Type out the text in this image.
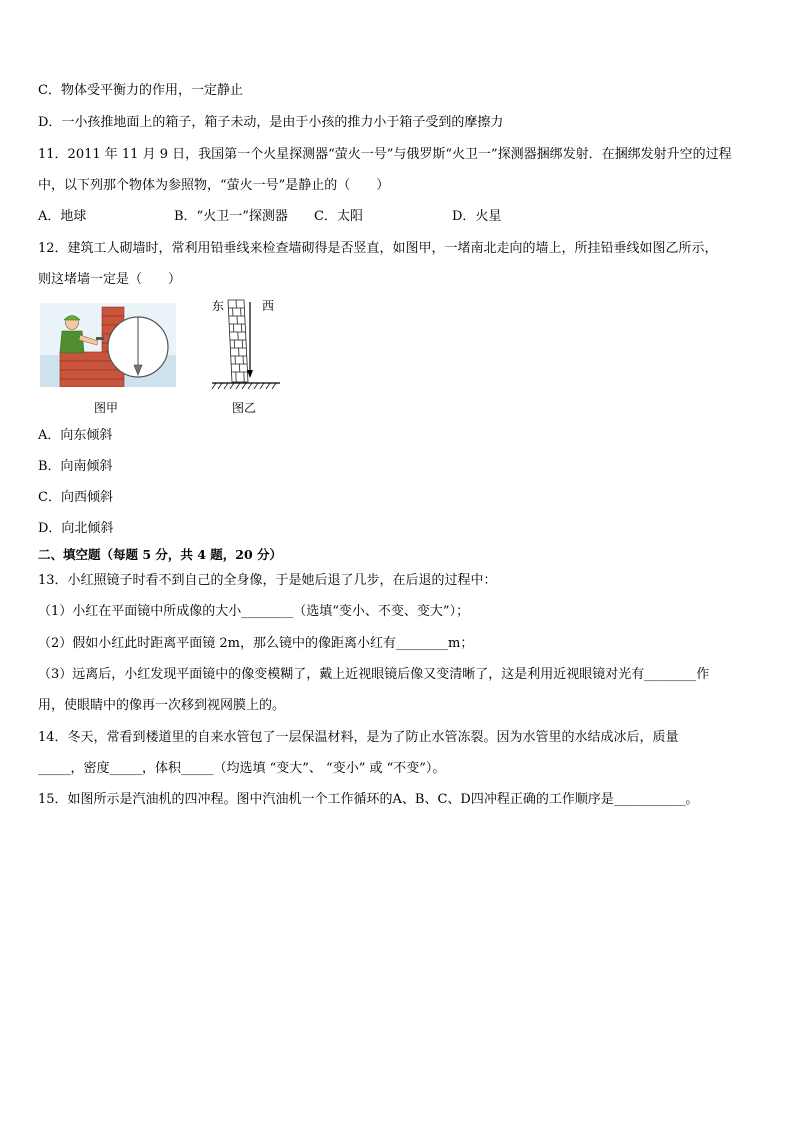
C．物体受平衡力的作用，一定静止
D．一小孩推地面上的箱子，箱子未动，是由于小孩的推力小于箱子受到的摩擦力
11．2011 年 11 月 9 日，我国第一个火星探测器“萤火一号”与俄罗斯“火卫一”探测器捆绑发射．在捆绑发射升空的过程
中，以下列那个物体为参照物，“萤火一号”是静止的（　　）
A．地球	B．“火卫一”探测器 C．太阳	D．火星
12．建筑工人砌墙时，常利用铅垂线来检查墙砌得是否竖直，如图甲，一堵南北走向的墙上，所挂铅垂线如图乙所示，
则这堵墙一定是（　　）
东	西
图甲	图乙
A．向东倾斜
B．向南倾斜
C．向西倾斜
D．向北倾斜
二、填空题（每题 5 分，共 4 题，20 分）
13．小红照镜子时看不到自己的全身像，于是她后退了几步，在后退的过程中：
（1）小红在平面镜中所成像的大小________（选填“变小、不变、变大”）；
（2）假如小红此时距离平面镜 2m，那么镜中的像距离小红有________m；
（3）远离后，小红发现平面镜中的像变模糊了，戴上近视眼镜后像又变清晰了，这是利用近视眼镜对光有________作
用，使眼睛中的像再一次移到视网膜上的。
14．冬天，常看到楼道里的自来水管包了一层保温材料，是为了防止水管冻裂。因为水管里的水结成冰后，质量
_____，密度_____，体积_____（均选填 “变大”、 “变小” 或 “不变”）。
15．如图所示是汽油机的四冲程。图中汽油机一个工作循环的A、B、C、D四冲程正确的工作顺序是___________。
